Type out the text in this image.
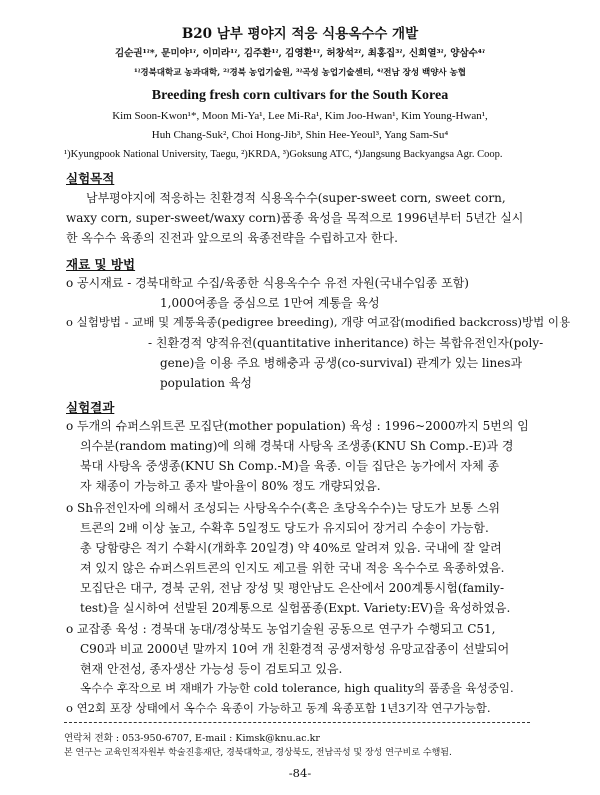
B20 남부 평야지 적응 식용옥수수 개발
김순권¹ˀ*, 문미야¹ˀ, 이미라¹ˀ, 김주환¹ˀ, 김영환¹ˀ, 허창석²ˀ, 최홍집³ˀ, 신희열³ˀ, 양삼수⁴ˀ
¹ˀ경북대학교 농과대학, ²ˀ경북 농업기술원, ³ˀ곡성 농업기술센터, ⁴ˀ전남 장성 백양사 농협
Breeding fresh corn cultivars for the South Korea
Kim Soon-Kwon¹*, Moon Mi-Ya¹, Lee Mi-Ra¹, Kim Joo-Hwan¹, Kim Young-Hwan¹,
Huh Chang-Suk², Choi Hong-Jib³, Shin Hee-Yeoul³, Yang Sam-Su⁴
¹)Kyungpook National University, Taegu, ²)KRDA, ³)Goksung ATC, ⁴)Jangsung Backyangsa Agr. Coop.
실험목적
남부평야지에 적응하는 친환경적 식용옥수수(super-sweet corn, sweet corn,
waxy corn, super-sweet/waxy corn)품종 육성을 목적으로 1996년부터 5년간 실시
한 옥수수 육종의 진전과 앞으로의 육종전략을 수립하고자 한다.
재료 및 방법
o 공시재료 - 경북대학교 수집/육종한 식용옥수수 유전 자원(국내수입종 포함)
1,000여종을 중심으로 1만여 계통을 육성
o 실험방법 - 교배 및 계통육종(pedigree breeding), 개량 여교잡(modified backcross)방법 이용
- 친환경적 양적유전(quantitative inheritance) 하는 복합유전인자(poly-
gene)을 이용 주요 병해충과 공생(co-survival) 관계가 있는 lines과
population 육성
실험결과
o 두개의 슈퍼스위트콘 모집단(mother population) 육성 : 1996~2000까지 5번의 임
의수분(random mating)에 의해 경북대 사탕옥 조생종(KNU Sh Comp.-E)과 경
북대 사탕옥 중생종(KNU Sh Comp.-M)을 육종. 이들 집단은 농가에서 자체 종
자 채종이 가능하고 종자 발아율이 80% 정도 개량되었음.
o Sh유전인자에 의해서 조성되는 사탕옥수수(혹은 초당옥수수)는 당도가 보통 스위
트콘의 2배 이상 높고, 수확후 5일정도 당도가 유지되어 장거리 수송이 가능함.
총 당함량은 적기 수확시(개화후 20일경) 약 40%로 알려져 있음. 국내에 잘 알려
져 있지 않은 슈퍼스위트콘의 인지도 제고를 위한 국내 적응 옥수수로 육종하였음.
모집단은 대구, 경북 군위, 전남 장성 및 평안남도 은산에서 200계통시험(family-
test)을 실시하여 선발된 20계통으로 실험품종(Expt. Variety:EV)을 육성하였음.
o 교잡종 육성 : 경북대 농대/경상북도 농업기술원 공동으로 연구가 수행되고 C51,
C90과 비교 2000년 말까지 10여 개 친환경적 공생저항성 유망교잡종이 선발되어
현재 안전성, 종자생산 가능성 등이 검토되고 있음.
옥수수 후작으로 벼 재배가 가능한 cold tolerance, high quality의 품종을 육성중임.
o 연2회 포장 상태에서 옥수수 육종이 가능하고 동계 육종포함 1년3기작 연구가능함.
연락처 전화 : 053-950-6707, E-mail : Kimsk@knu.ac.kr
본 연구는 교육인적자원부 학술진흥재단, 경북대학교, 경상북도, 전남곡성 및 장성 연구비로 수행됨.
-84-
